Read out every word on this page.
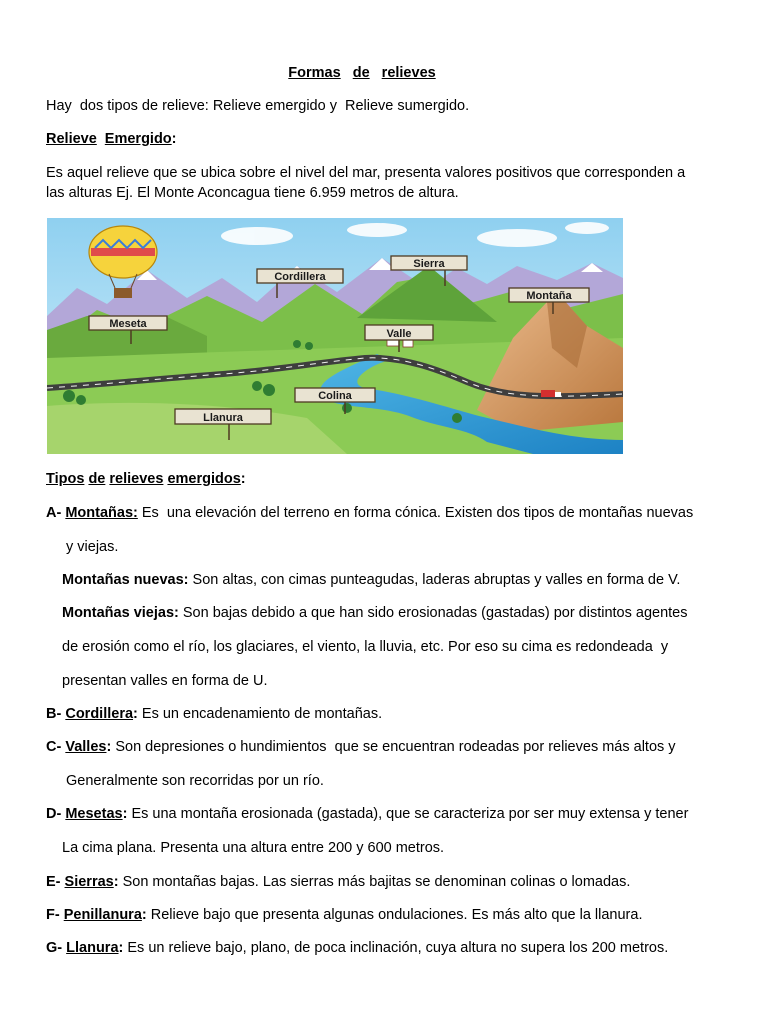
Formas de relieves
Hay  dos tipos de relieve: Relieve emergido y  Relieve sumergido.
Relieve Emergido:
Es aquel relieve que se ubica sobre el nivel del mar, presenta valores positivos que corresponden a
las alturas Ej. El Monte Aconcagua tiene 6.959 metros de altura.
Cordillera
Sierra
Montaña
Meseta
Valle
Colina
Llanura
Tipos de relieves emergidos:
A- Montañas: Es  una elevación del terreno en forma cónica. Existen dos tipos de montañas nuevas
y viejas.
Montañas nuevas: Son altas, con cimas punteagudas, laderas abruptas y valles en forma de V.
Montañas viejas: Son bajas debido a que han sido erosionadas (gastadas) por distintos agentes
de erosión como el río, los glaciares, el viento, la lluvia, etc. Por eso su cima es redondeada  y
presentan valles en forma de U.
B- Cordillera: Es un encadenamiento de montañas.
C- Valles: Son depresiones o hundimientos  que se encuentran rodeadas por relieves más altos y
Generalmente son recorridas por un río.
D- Mesetas: Es una montaña erosionada (gastada), que se caracteriza por ser muy extensa y tener
La cima plana. Presenta una altura entre 200 y 600 metros.
E- Sierras: Son montañas bajas. Las sierras más bajitas se denominan colinas o lomadas.
F- Penillanura: Relieve bajo que presenta algunas ondulaciones. Es más alto que la llanura.
G- Llanura: Es un relieve bajo, plano, de poca inclinación, cuya altura no supera los 200 metros.
